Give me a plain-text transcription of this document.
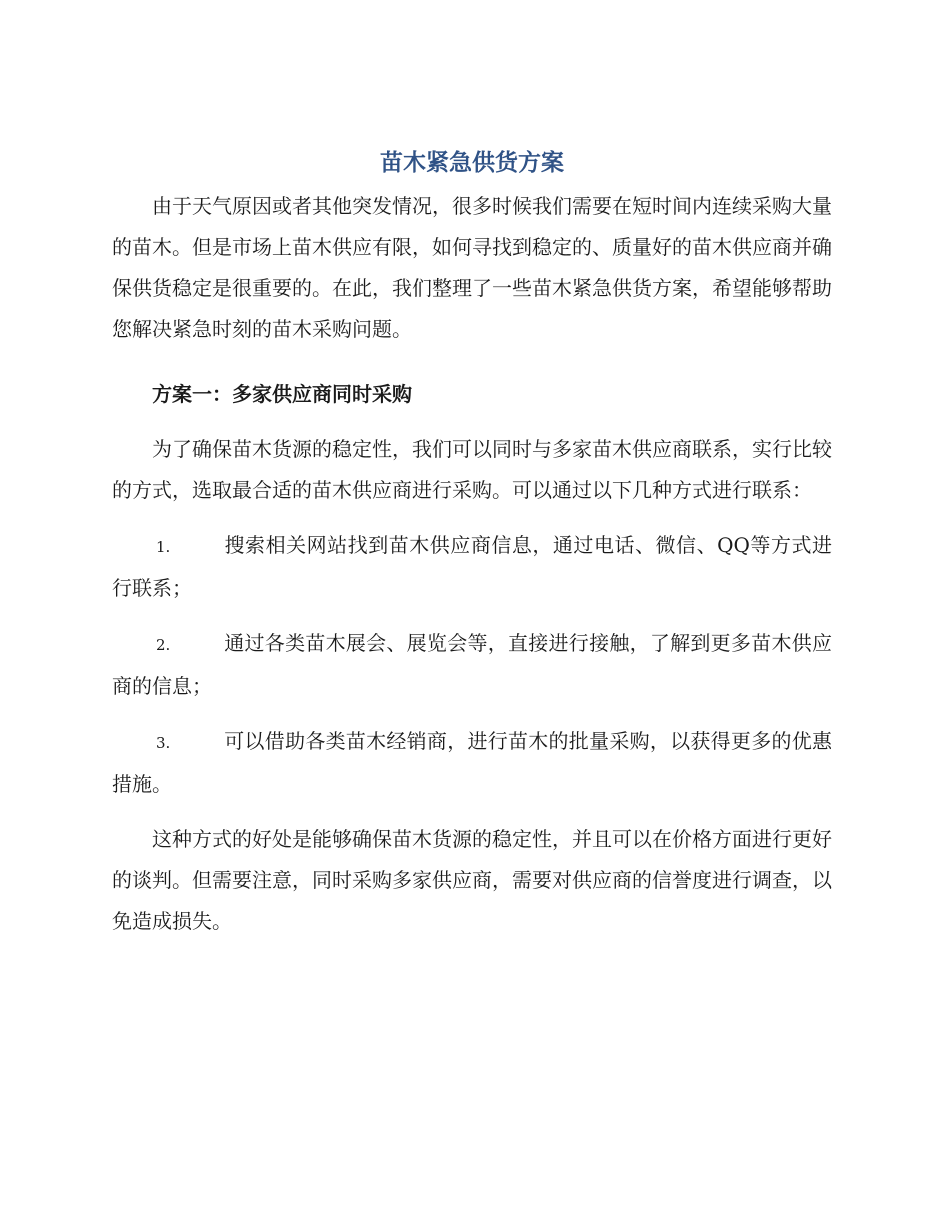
苗木紧急供货方案

由于天气原因或者其他突发情况，很多时候我们需要在短时间内连续采购大量的苗木。但是市场上苗木供应有限，如何寻找到稳定的、质量好的苗木供应商并确保供货稳定是很重要的。在此，我们整理了一些苗木紧急供货方案，希望能够帮助您解决紧急时刻的苗木采购问题。

方案一：多家供应商同时采购

为了确保苗木货源的稳定性，我们可以同时与多家苗木供应商联系，实行比较的方式，选取最合适的苗木供应商进行采购。可以通过以下几种方式进行联系：

1.	搜索相关网站找到苗木供应商信息，通过电话、微信、QQ等方式进行联系；

2.	通过各类苗木展会、展览会等，直接进行接触，了解到更多苗木供应商的信息；

3.	可以借助各类苗木经销商，进行苗木的批量采购，以获得更多的优惠措施。

这种方式的好处是能够确保苗木货源的稳定性，并且可以在价格方面进行更好的谈判。但需要注意，同时采购多家供应商，需要对供应商的信誉度进行调查，以免造成损失。
